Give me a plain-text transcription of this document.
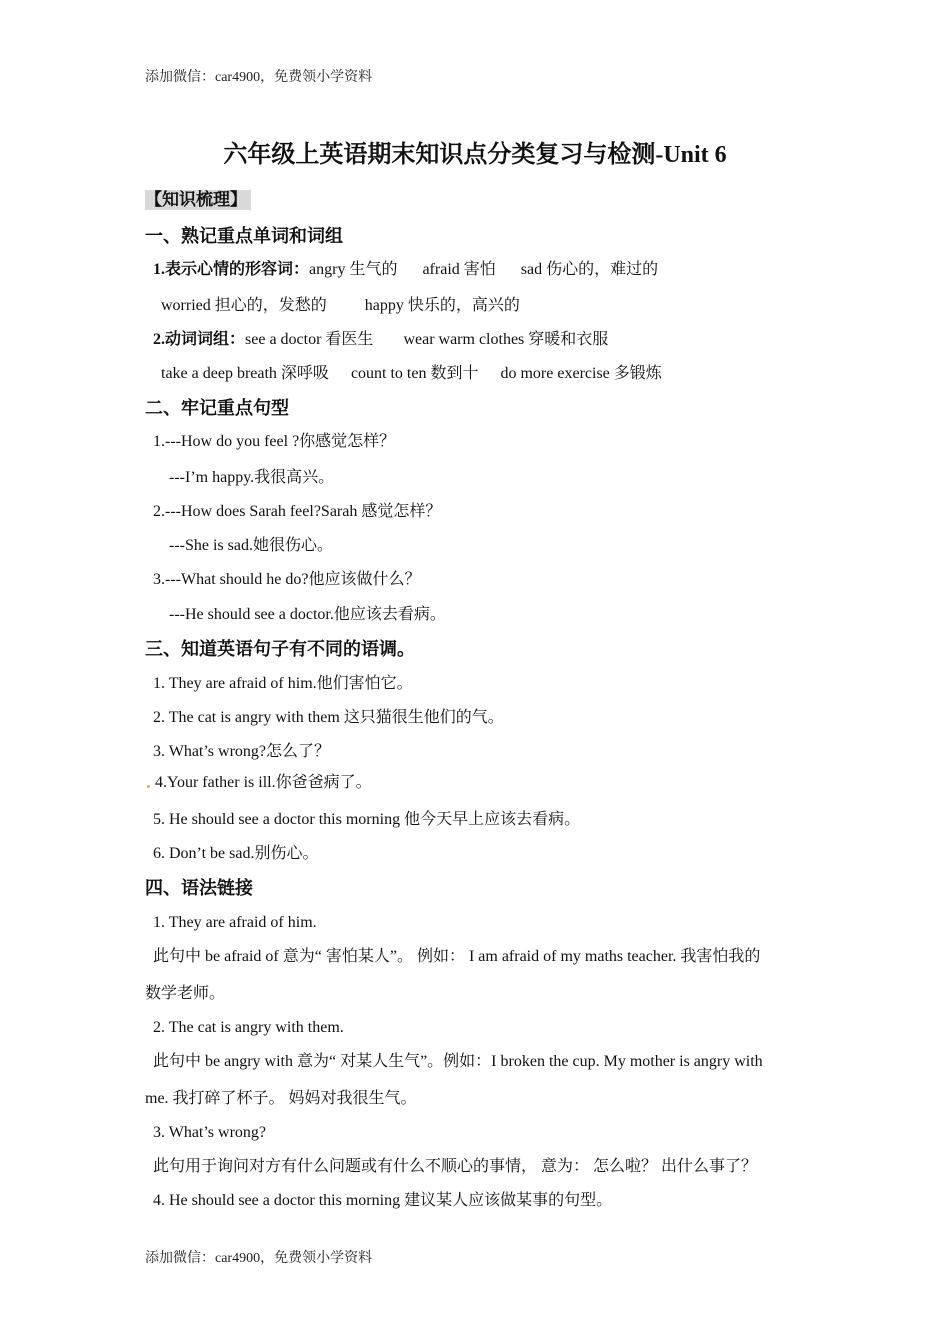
添加微信：car4900，免费领小学资料
六年级上英语期末知识点分类复习与检测-Unit 6
【知识梳理】
一、熟记重点单词和词组
1.表示心情的形容词：angry 生气的 afraid 害怕 sad 伤心的，难过的
worried 担心的，发愁的 happy 快乐的，高兴的
2.动词词组：see a doctor 看医生 wear warm clothes 穿暖和衣服
take a deep breath 深呼吸 count to ten 数到十 do more exercise 多锻炼
二、牢记重点句型
1.---How do you feel ?你感觉怎样？
---I’m happy.我很高兴。
2.---How does Sarah feel?Sarah 感觉怎样？
---She is sad.她很伤心。
3.---What should he do?他应该做什么？
---He should see a doctor.他应该去看病。
三、知道英语句子有不同的语调。
1. They are afraid of him.他们害怕它。
2. The cat is angry with them 这只猫很生他们的气。
3. What’s wrong?怎么了？
4.Your father is ill.你爸爸病了。
5. He should see a doctor this morning 他今天早上应该去看病。
6. Don’t be sad.别伤心。
四、语法链接
1. They are afraid of him.
此句中 be afraid of 意为“ 害怕某人”。 例如： I am afraid of my maths teacher. 我害怕我的
数学老师。
2. The cat is angry with them.
此句中 be angry with 意为“ 对某人生气”。例如：I broken the cup. My mother is angry with
me. 我打碎了杯子。 妈妈对我很生气。
3. What’s wrong?
此句用于询问对方有什么问题或有什么不顺心的事情， 意为： 怎么啦？ 出什么事了？
4. He should see a doctor this morning 建议某人应该做某事的句型。
添加微信：car4900，免费领小学资料
